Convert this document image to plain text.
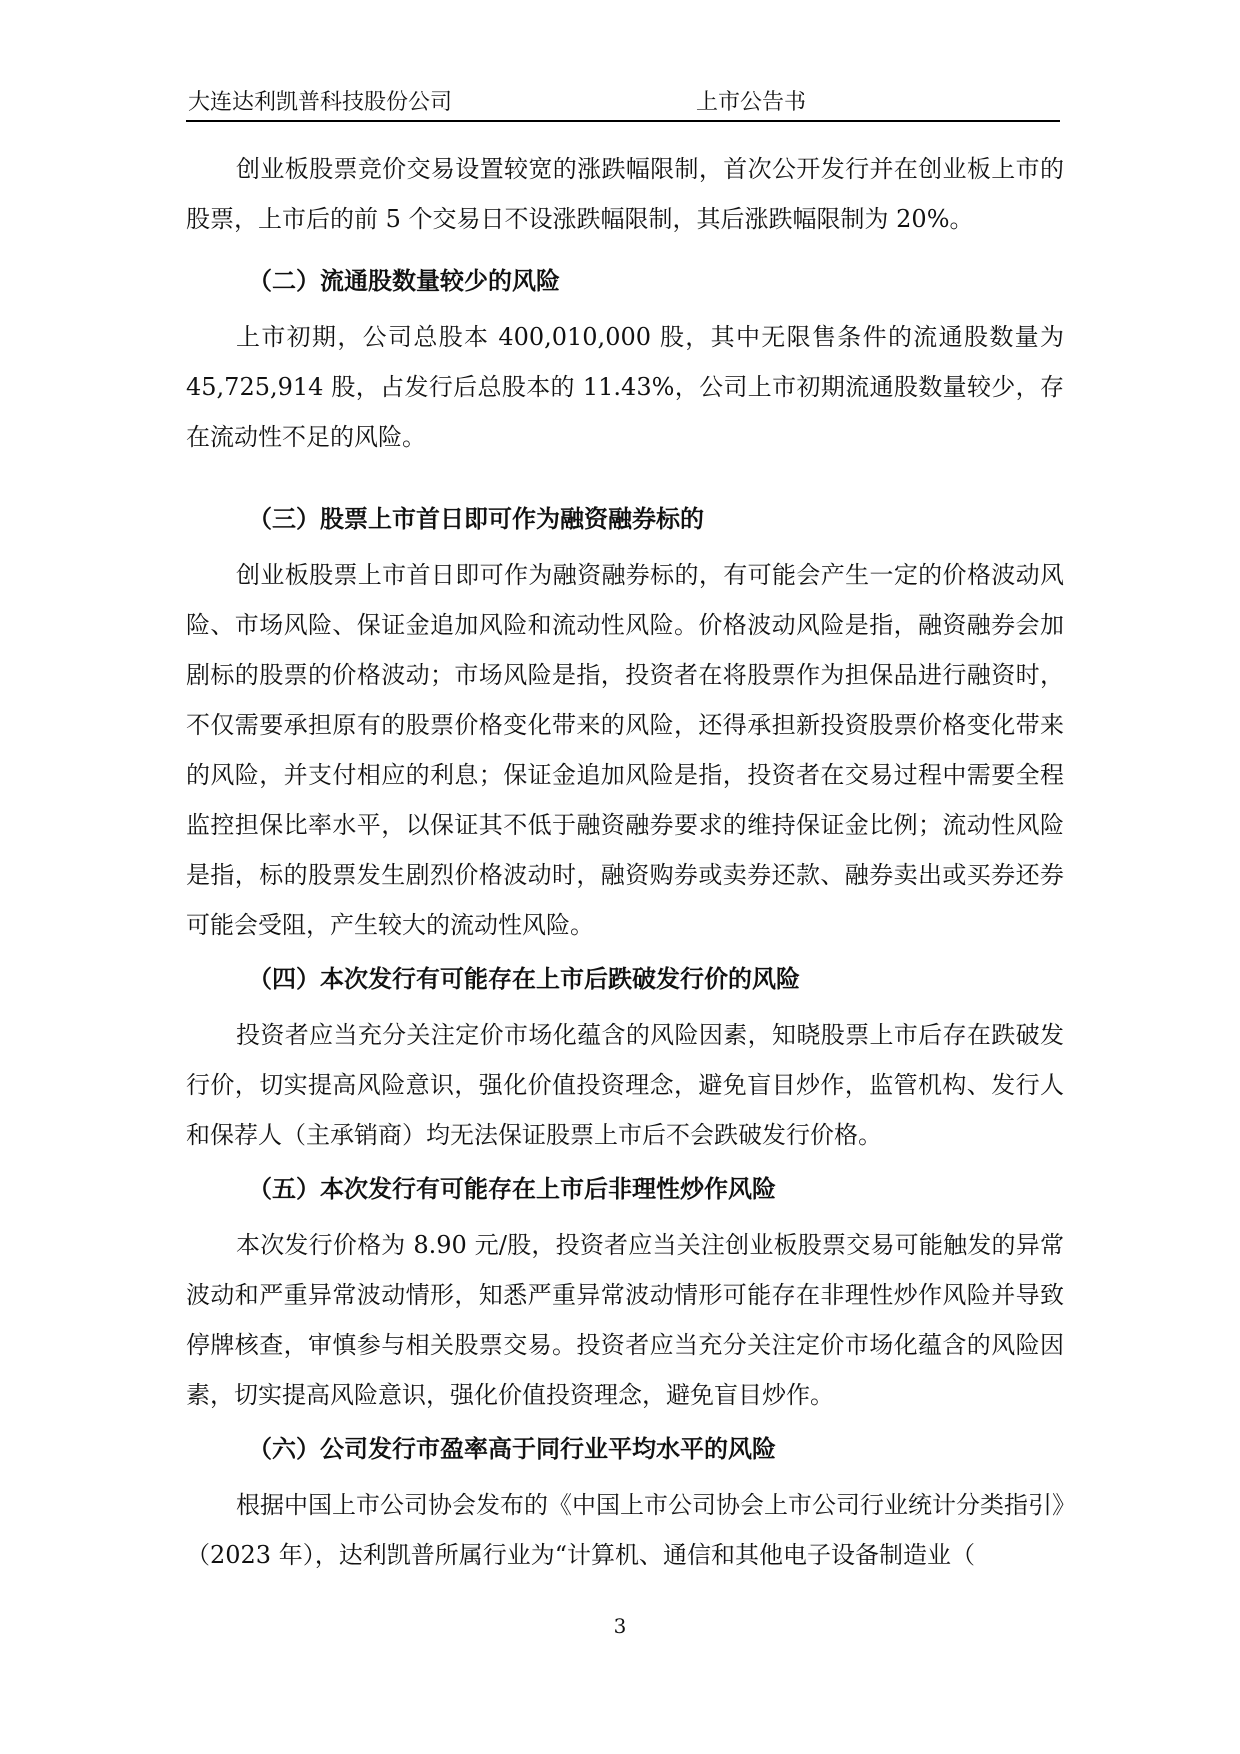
大连达利凯普科技股份公司	上市公告书

创业板股票竞价交易设置较宽的涨跌幅限制，首次公开发行并在创业板上市的股票，上市后的前 5 个交易日不设涨跌幅限制，其后涨跌幅限制为 20%。

（二）流通股数量较少的风险

上市初期，公司总股本 400,010,000 股，其中无限售条件的流通股数量为 45,725,914 股，占发行后总股本的 11.43%，公司上市初期流通股数量较少，存在流动性不足的风险。

（三）股票上市首日即可作为融资融券标的

创业板股票上市首日即可作为融资融券标的，有可能会产生一定的价格波动风险、市场风险、保证金追加风险和流动性风险。价格波动风险是指，融资融券会加剧标的股票的价格波动；市场风险是指，投资者在将股票作为担保品进行融资时，不仅需要承担原有的股票价格变化带来的风险，还得承担新投资股票价格变化带来的风险，并支付相应的利息；保证金追加风险是指，投资者在交易过程中需要全程监控担保比率水平，以保证其不低于融资融券要求的维持保证金比例；流动性风险是指，标的股票发生剧烈价格波动时，融资购券或卖券还款、融券卖出或买券还券可能会受阻，产生较大的流动性风险。

（四）本次发行有可能存在上市后跌破发行价的风险

投资者应当充分关注定价市场化蕴含的风险因素，知晓股票上市后存在跌破发行价，切实提高风险意识，强化价值投资理念，避免盲目炒作，监管机构、发行人和保荐人（主承销商）均无法保证股票上市后不会跌破发行价格。

（五）本次发行有可能存在上市后非理性炒作风险

本次发行价格为 8.90 元/股，投资者应当关注创业板股票交易可能触发的异常波动和严重异常波动情形，知悉严重异常波动情形可能存在非理性炒作风险并导致停牌核查，审慎参与相关股票交易。投资者应当充分关注定价市场化蕴含的风险因素，切实提高风险意识，强化价值投资理念，避免盲目炒作。

（六）公司发行市盈率高于同行业平均水平的风险

根据中国上市公司协会发布的《中国上市公司协会上市公司行业统计分类指引》（2023 年），达利凯普所属行业为“计算机、通信和其他电子设备制造业（

3
